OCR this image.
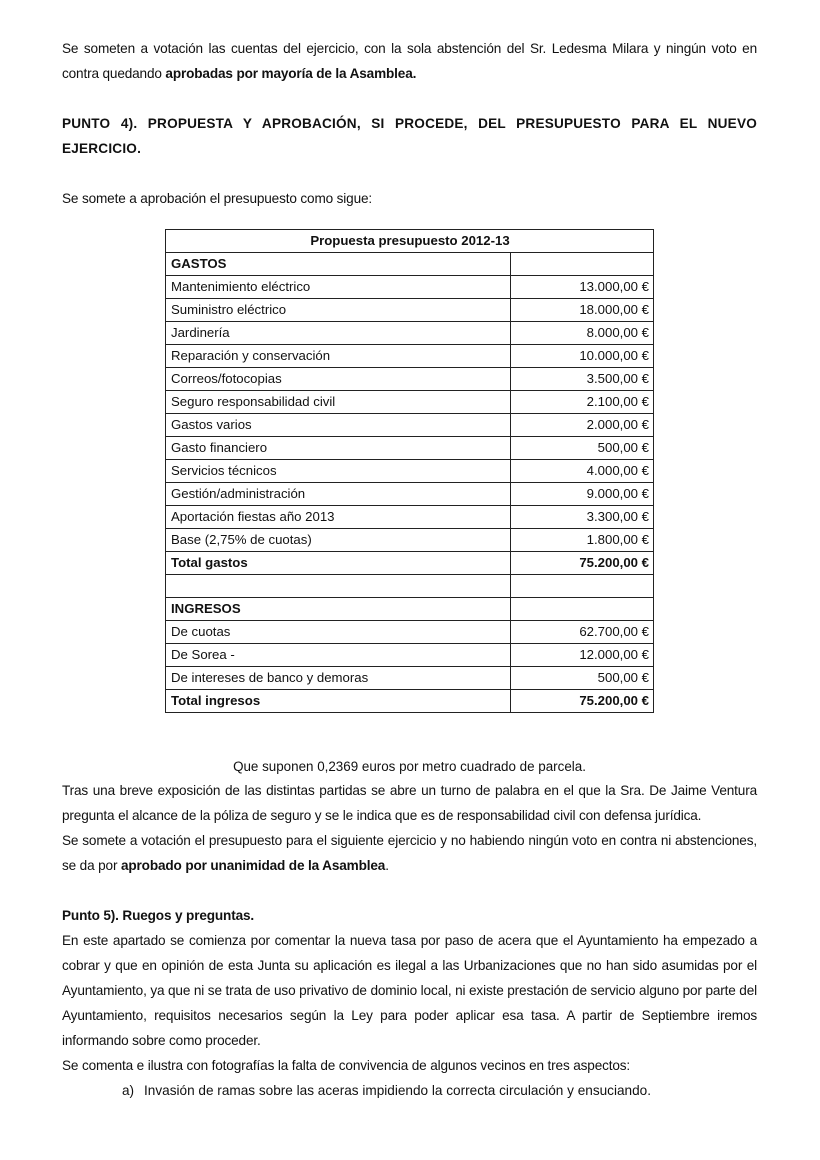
Se someten a votación las cuentas del ejercicio, con la sola abstención del Sr. Ledesma Milara y ningún voto en contra quedando aprobadas por mayoría de la Asamblea.

PUNTO 4). PROPUESTA Y APROBACIÓN, SI PROCEDE, DEL PRESUPUESTO PARA EL NUEVO EJERCICIO.

Se somete a aprobación el presupuesto como sigue:

Propuesta presupuesto 2012-13	
GASTOS	
Mantenimiento eléctrico	13.000,00 €
Suministro eléctrico	18.000,00 €
Jardinería	8.000,00 €
Reparación y conservación	10.000,00 €
Correos/fotocopias	3.500,00 €
Seguro responsabilidad civil	2.100,00 €
Gastos varios	2.000,00 €
Gasto financiero	500,00 €
Servicios técnicos	4.000,00 €
Gestión/administración	9.000,00 €
Aportación fiestas año 2013	3.300,00 €
Base (2,75% de cuotas)	1.800,00 €
Total gastos	75.200,00 €

INGRESOS	
De cuotas	62.700,00 €
De Sorea -	12.000,00 €
De intereses de banco y demoras	500,00 €
Total ingresos	75.200,00 €
Que suponen 0,2369 euros por metro cuadrado de parcela.

Tras una breve exposición de las distintas partidas se abre un turno de palabra en el que la Sra. De Jaime Ventura pregunta el alcance de la póliza de seguro y se le indica que es de responsabilidad civil con defensa jurídica.

Se somete a votación el presupuesto para el siguiente ejercicio y no habiendo ningún voto en contra ni abstenciones, se da por aprobado por unanimidad de la Asamblea.

Punto 5). Ruegos y preguntas.

En este apartado se comienza por comentar la nueva tasa por paso de acera que el Ayuntamiento ha empezado a cobrar y que en opinión de esta Junta su aplicación es ilegal a las Urbanizaciones que no han sido asumidas por el Ayuntamiento, ya que ni se trata de uso privativo de dominio local, ni existe prestación de servicio alguno por parte del Ayuntamiento, requisitos necesarios según la Ley para poder aplicar esa tasa. A partir de Septiembre iremos informando sobre como proceder.

Se comenta e ilustra con fotografías la falta de convivencia de algunos vecinos en tres aspectos:

a) Invasión de ramas sobre las aceras impidiendo la correcta circulación y ensuciando.
